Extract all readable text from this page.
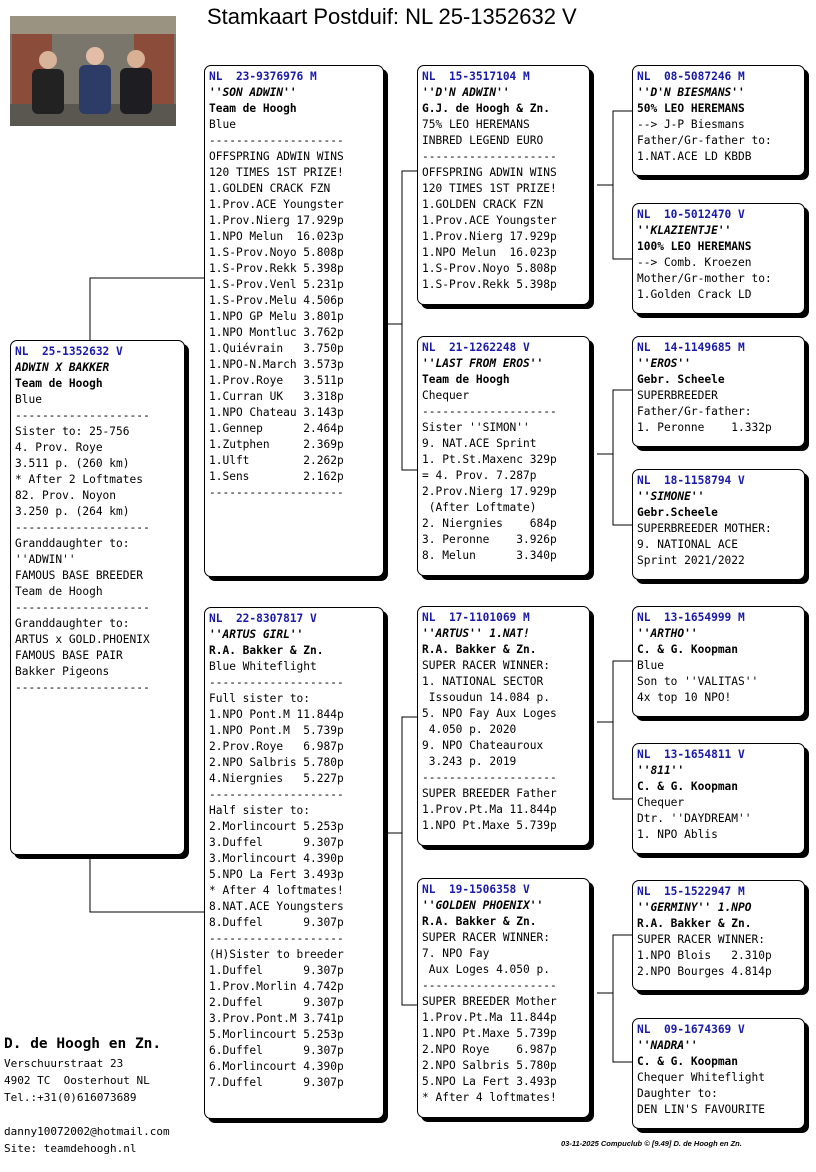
Stamkaart Postduif: NL 25-1352632 V
NL  25-1352632 V
ADWIN X BAKKER
Team de Hoogh
Blue
--------------------
Sister to: 25-756
4. Prov. Roye
3.511 p. (260 km)
* After 2 Loftmates
82. Prov. Noyon
3.250 p. (264 km)
--------------------
Granddaughter to:
''ADWIN''
FAMOUS BASE BREEDER
Team de Hoogh
--------------------
Granddaughter to:
ARTUS x GOLD.PHOENIX
FAMOUS BASE PAIR
Bakker Pigeons
--------------------
NL  23-9376976 M
''SON ADWIN''
Team de Hoogh
Blue
--------------------
OFFSPRING ADWIN WINS
120 TIMES 1ST PRIZE!
1.GOLDEN CRACK FZN
1.Prov.ACE Youngster
1.Prov.Nierg 17.929p
1.NPO Melun  16.023p
1.S-Prov.Noyo 5.808p
1.S-Prov.Rekk 5.398p
1.S-Prov.Venl 5.231p
1.S-Prov.Melu 4.506p
1.NPO GP Melu 3.801p
1.NPO Montluc 3.762p
1.Quiévrain   3.750p
1.NPO-N.March 3.573p
1.Prov.Roye   3.511p
1.Curran UK   3.318p
1.NPO Chateau 3.143p
1.Gennep      2.464p
1.Zutphen     2.369p
1.Ulft        2.262p
1.Sens        2.162p
--------------------
NL  22-8307817 V
''ARTUS GIRL''
R.A. Bakker & Zn.
Blue Whiteflight
--------------------
Full sister to:
1.NPO Pont.M 11.844p
1.NPO Pont.M  5.739p
2.Prov.Roye   6.987p
2.NPO Salbris 5.780p
4.Niergnies   5.227p
--------------------
Half sister to:
2.Morlincourt 5.253p
3.Duffel      9.307p
3.Morlincourt 4.390p
5.NPO La Fert 3.493p
* After 4 loftmates!
8.NAT.ACE Youngsters
8.Duffel      9.307p
--------------------
(H)Sister to breeder
1.Duffel      9.307p
1.Prov.Morlin 4.742p
2.Duffel      9.307p
3.Prov.Pont.M 3.741p
5.Morlincourt 5.253p
6.Duffel      9.307p
6.Morlincourt 4.390p
7.Duffel      9.307p
NL  15-3517104 M
''D'N ADWIN''
G.J. de Hoogh & Zn.
75% LEO HEREMANS
INBRED LEGEND EURO
--------------------
OFFSPRING ADWIN WINS
120 TIMES 1ST PRIZE!
1.GOLDEN CRACK FZN
1.Prov.ACE Youngster
1.Prov.Nierg 17.929p
1.NPO Melun  16.023p
1.S-Prov.Noyo 5.808p
1.S-Prov.Rekk 5.398p
NL  21-1262248 V
''LAST FROM EROS''
Team de Hoogh
Chequer
--------------------
Sister ''SIMON''
9. NAT.ACE Sprint
1. Pt.St.Maxenc 329p
= 4. Prov. 7.287p
2.Prov.Nierg 17.929p
(After Loftmate)
2. Niergnies    684p
3. Peronne    3.926p
8. Melun      3.340p
NL  17-1101069 M
''ARTUS'' 1.NAT!
R.A. Bakker & Zn.
SUPER RACER WINNER:
1. NATIONAL SECTOR
Issoudun 14.084 p.
5. NPO Fay Aux Loges
4.050 p. 2020
9. NPO Chateauroux
3.243 p. 2019
--------------------
SUPER BREEDER Father
1.Prov.Pt.Ma 11.844p
1.NPO Pt.Maxe 5.739p
NL  19-1506358 V
''GOLDEN PHOENIX''
R.A. Bakker & Zn.
SUPER RACER WINNER:
7. NPO Fay
Aux Loges 4.050 p.
--------------------
SUPER BREEDER Mother
1.Prov.Pt.Ma 11.844p
1.NPO Pt.Maxe 5.739p
2.NPO Roye    6.987p
2.NPO Salbris 5.780p
5.NPO La Fert 3.493p
* After 4 loftmates!
NL  08-5087246 M
''D'N BIESMANS''
50% LEO HEREMANS
--> J-P Biesmans
Father/Gr-father to:
1.NAT.ACE LD KBDB
NL  10-5012470 V
''KLAZIENTJE''
100% LEO HEREMANS
--> Comb. Kroezen
Mother/Gr-mother to:
1.Golden Crack LD
NL  14-1149685 M
''EROS''
Gebr. Scheele
SUPERBREEDER
Father/Gr-father:
1. Peronne    1.332p
NL  18-1158794 V
''SIMONE''
Gebr.Scheele
SUPERBREEDER MOTHER:
9. NATIONAL ACE
Sprint 2021/2022
NL  13-1654999 M
''ARTHO''
C. & G. Koopman
Blue
Son to ''VALITAS''
4x top 10 NPO!
NL  13-1654811 V
''811''
C. & G. Koopman
Chequer
Dtr. ''DAYDREAM''
1. NPO Ablis
NL  15-1522947 M
''GERMINY'' 1.NPO
R.A. Bakker & Zn.
SUPER RACER WINNER:
1.NPO Blois   2.310p
2.NPO Bourges 4.814p
NL  09-1674369 V
''NADRA''
C. & G. Koopman
Chequer Whiteflight
Daughter to:
DEN LIN'S FAVOURITE
D. de Hoogh en Zn.
Verschuurstraat 23
4902 TC  Oosterhout NL
Tel.:+31(0)616073689
danny10072002@hotmail.com
Site: teamdehoogh.nl	03-11-2025 Compuclub © [9.49] D. de Hoogh en Zn.
